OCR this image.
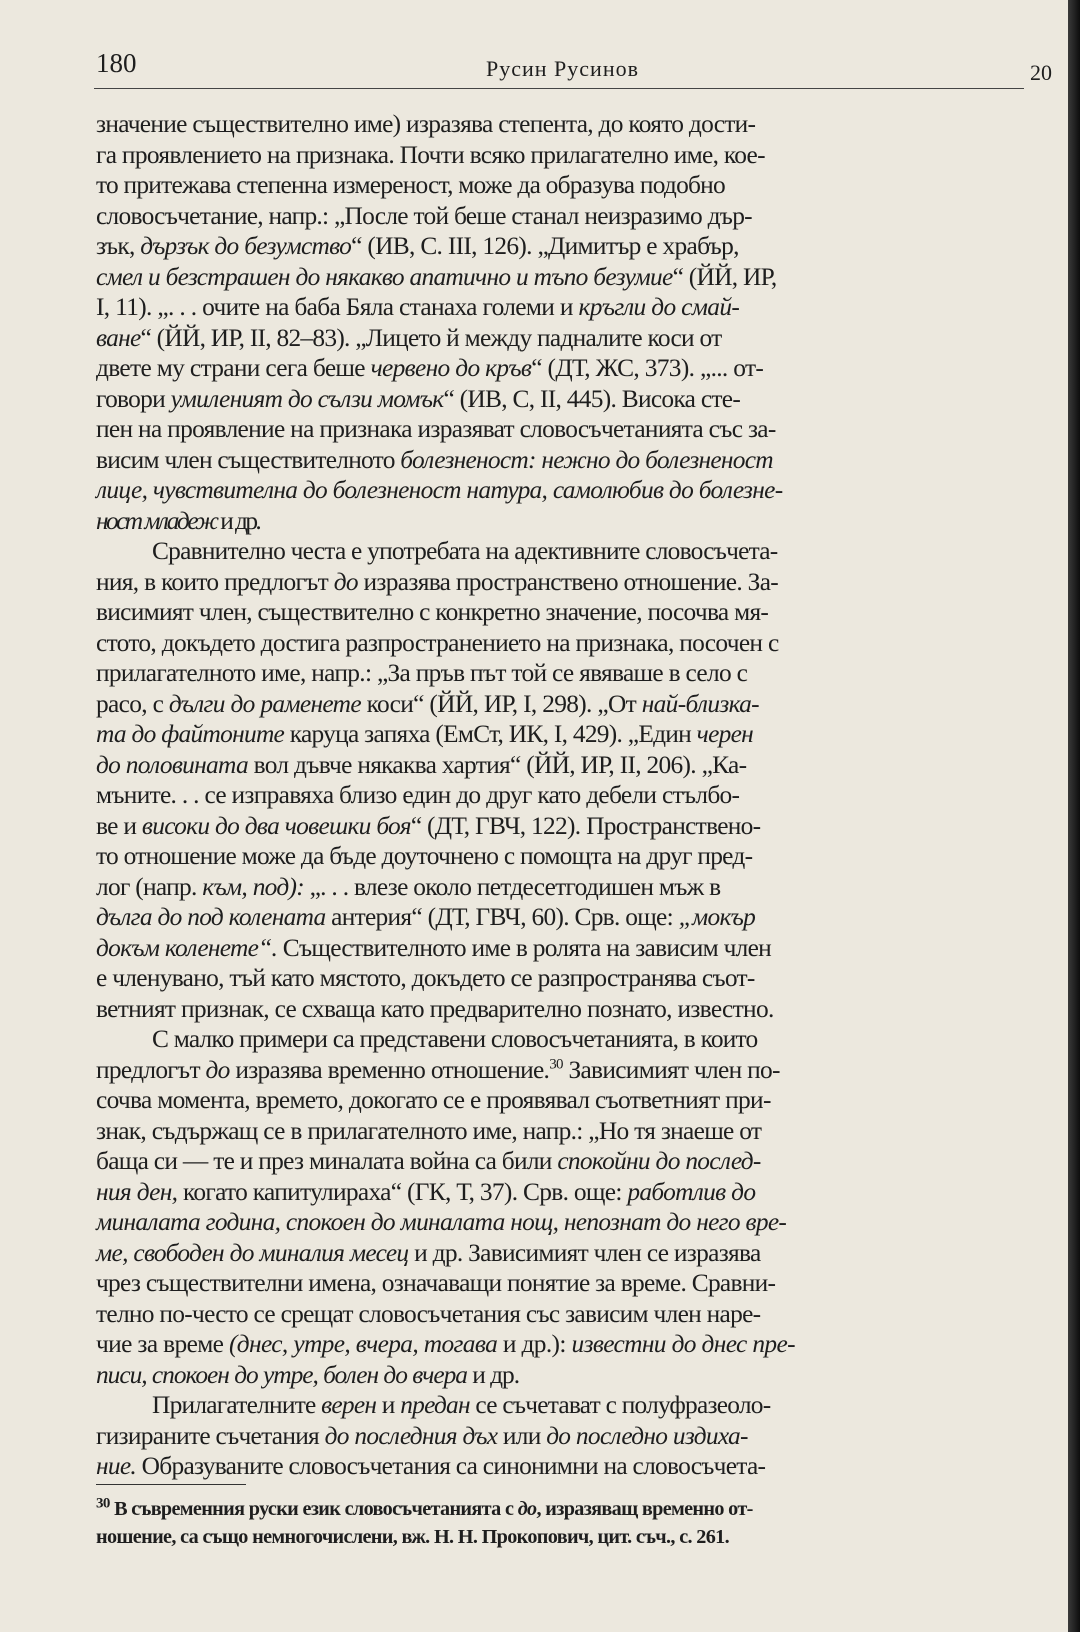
180	Русин Русинов	20
значение съществително име) изразява степента, до която дости-
га проявлението на признака. Почти всяко прилагателно име, кое-
то притежава степенна измереност, може да образува подобно
словосъчетание, напр.: „После той беше станал неизразимо дър-
зък, дързък до безумство“ (ИВ, С. III, 126). „Димитър е храбър,
смел и безстрашен до някакво апатично и тъпо безумие“ (ЙЙ, ИР,
I, 11). „. . . очите на баба Бяла станаха големи и кръгли до смай-
ване“ (ЙЙ, ИР, II, 82–83). „Лицето й между падналите коси от
двете му страни сега беше червено до кръв“ (ДТ, ЖС, 373). „... от-
говори умиленият до сълзи момък“ (ИВ, С, II, 445). Висока сте-
пен на проявление на признака изразяват словосъчетанията със за-
висим член съществителното болезненост: нежно до болезненост
лице, чувствителна до болезненост натура, самолюбив до болезне-
ност младеж и др.
Сравнително честа е употребата на адективните словосъчета-
ния, в които предлогът до изразява пространствено отношение. За-
висимият член, съществително с конкретно значение, посочва мя-
стото, докъдето достига разпространението на признака, посочен с
прилагателното име, напр.: „За пръв път той се явяваше в село с
расо, с дълги до раменете коси“ (ЙЙ, ИР, I, 298). „От най-близка-
та до файтоните каруца запяха (ЕмСт, ИК, I, 429). „Един черен
до половината вол дъвче някаква хартия“ (ЙЙ, ИР, II, 206). „Ка-
мъните. . . се изправяха близо един до друг като дебели стълбо-
ве и високи до два човешки боя“ (ДТ, ГВЧ, 122). Пространствено-
то отношение може да бъде доуточнено с помощта на друг пред-
лог (напр. към, под): „. . . влезе около петдесетгодишен мъж в
дълга до под колената антерия“ (ДТ, ГВЧ, 60). Срв. още: „мокър
докъм коленете“. Съществителното име в ролята на зависим член
е членувано, тъй като мястото, докъдето се разпространява съот-
ветният признак, се схваща като предварително познато, известно.
С малко примери са представени словосъчетанията, в които
предлогът до изразява временно отношение.$^{30}$ Зависимият член по-
сочва момента, времето, докогато се е проявявал съответният при-
знак, съдържащ се в прилагателното име, напр.: „Но тя знаеше от
баща си — те и през миналата война са били спокойни до послед-
ния ден, когато капитулираха“ (ГК, Т, 37). Срв. още: работлив до
миналата година, спокоен до миналата нощ, непознат до него вре-
ме, свободен до миналия месец и др. Зависимият член се изразява
чрез съществителни имена, означаващи понятие за време. Сравни-
телно по-често се срещат словосъчетания със зависим член наре-
чие за време (днес, утре, вчера, тогава и др.): известни до днес пре-
писи, спокоен до утре, болен до вчера и др.
Прилагателните верен и предан се съчетават с полуфразеоло-
гизираните съчетания до последния дъх или до последно издиха-
ние. Образуваните словосъчетания са синонимни на словосъчета-
$^{30}$ В съвременния руски език словосъчетанията с до, изразяващ временно от-
ношение, са също немногочислени, вж. Н. Н. Прокопович, цит. съч., с. 261.
